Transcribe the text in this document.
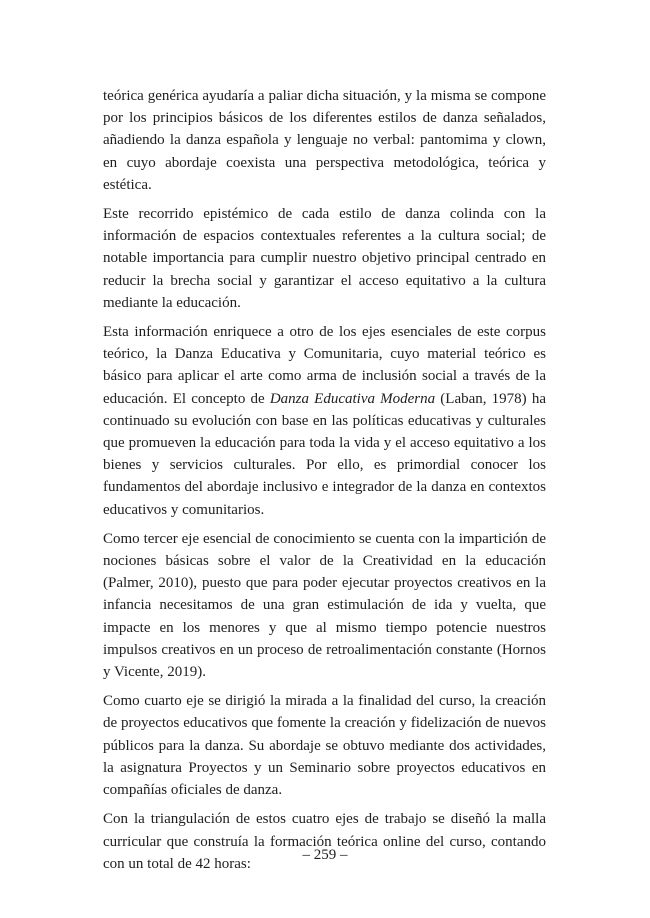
teórica genérica ayudaría a paliar dicha situación, y la misma se compone por los principios básicos de los diferentes estilos de danza señalados, añadiendo la danza española y lenguaje no verbal: pantomima y clown, en cuyo abordaje coexista una perspectiva metodológica, teórica y estética.

Este recorrido epistémico de cada estilo de danza colinda con la información de espacios contextuales referentes a la cultura social; de notable importancia para cumplir nuestro objetivo principal centrado en reducir la brecha social y garantizar el acceso equitativo a la cultura mediante la educación.

Esta información enriquece a otro de los ejes esenciales de este corpus teórico, la Danza Educativa y Comunitaria, cuyo material teórico es básico para aplicar el arte como arma de inclusión social a través de la educación. El concepto de Danza Educativa Moderna (Laban, 1978) ha continuado su evolución con base en las políticas educativas y culturales que promueven la educación para toda la vida y el acceso equitativo a los bienes y servicios culturales. Por ello, es primordial conocer los fundamentos del abordaje inclusivo e integrador de la danza en contextos educativos y comunitarios.

Como tercer eje esencial de conocimiento se cuenta con la impartición de nociones básicas sobre el valor de la Creatividad en la educación (Palmer, 2010), puesto que para poder ejecutar proyectos creativos en la infancia necesitamos de una gran estimulación de ida y vuelta, que impacte en los menores y que al mismo tiempo potencie nuestros impulsos creativos en un proceso de retroalimentación constante (Hornos y Vicente, 2019).

Como cuarto eje se dirigió la mirada a la finalidad del curso, la creación de proyectos educativos que fomente la creación y fidelización de nuevos públicos para la danza. Su abordaje se obtuvo mediante dos actividades, la asignatura Proyectos y un Seminario sobre proyectos educativos en compañías oficiales de danza.

Con la triangulación de estos cuatro ejes de trabajo se diseñó la malla curricular que construía la formación teórica online del curso, contando con un total de 42 horas:

– 259 –
